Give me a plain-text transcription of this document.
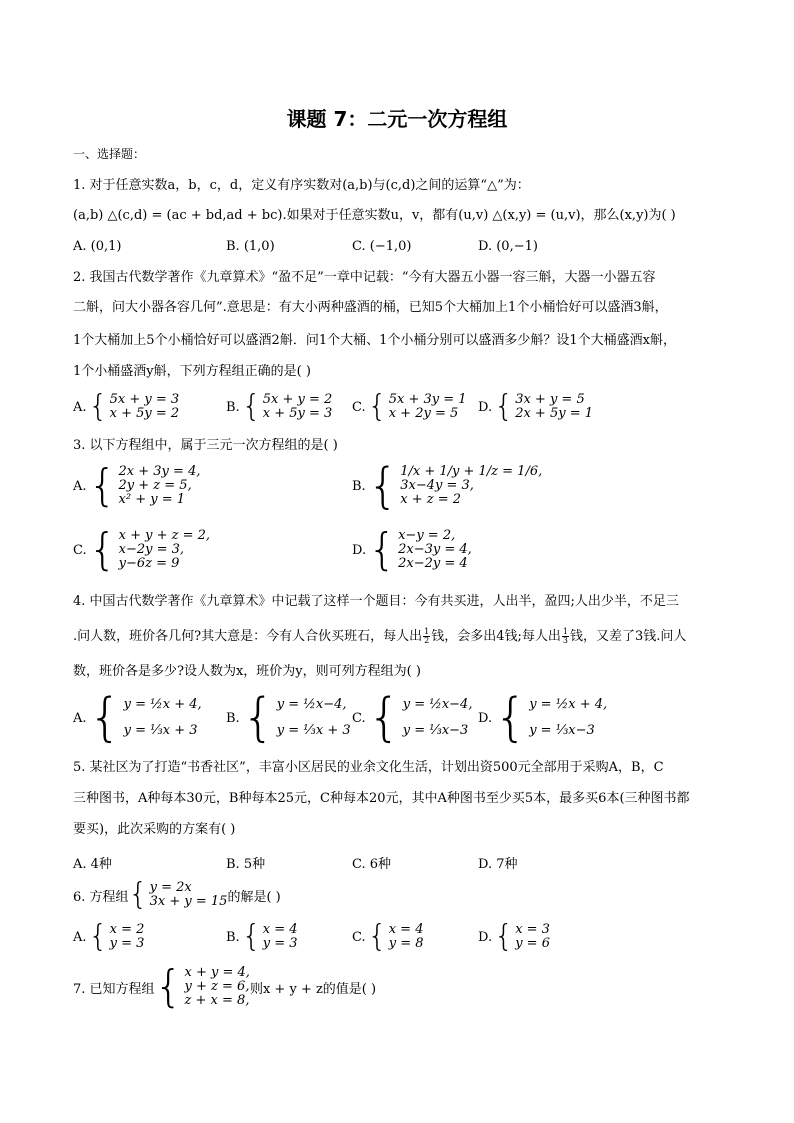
课题 7：二元一次方程组
一、选择题：
1. 对于任意实数a，b，c，d，定义有序实数对(a,b)与(c,d)之间的运算“△”为：
(a,b) △(c,d) = (ac + bd,ad + bc).如果对于任意实数u，v，都有(u,v) △(x,y) = (u,v)，那么(x,y)为( )
A. (0,1)	B. (1,0)	C. (−1,0)	D. (0,−1)
2. 我国古代数学著作《九章算术》“盈不足”一章中记载：“今有大器五小器一容三斛，大器一小器五容
二斛，问大小器各容几何”.意思是：有大小两种盛酒的桶，已知5个大桶加上1个小桶恰好可以盛酒3斛，
1个大桶加上5个小桶恰好可以盛酒2斛．问1个大桶、1个小桶分别可以盛酒多少斛？设1个大桶盛酒x斛，
1个小桶盛酒y斛，下列方程组正确的是( )
A. { 5x + y = 3
x + 5y = 2	B. { 5x + y = 2
x + 5y = 3 C. { 5x + 3y = 1
x + 2y = 5	D. { 3x + y = 5
2x + 5y = 1
3. 以下方程组中，属于三元一次方程组的是( )
A. { 2x + 3y = 4,
2y + z = 5,
x² + y = 1
B. { 1/x + 1/y + 1/z = 1/6,
3x−4y = 3,
x + z = 2
C. { x + y + z = 2,
x−2y = 3,
y−6z = 9
D. { x−y = 2,
2x−3y = 4,
2x−2y = 4
4. 中国古代数学著作《九章算术》中记载了这样一个题目：今有共买进，人出半，盈四;人出少半，不足三
.问人数，班价各几何?其大意是：今有人合伙买班石，每人出 $\frac{1}{2}$ 钱，会多出4钱;每人出 $\frac{1}{3}$ 钱，又差了3钱.问人
数，班价各是多少?设人数为x，班价为y，则可列方程组为( )
A. { y = ½x + 4,
y = ⅓x + 3
B. { y = ½x−4,
y = ⅓x + 3
C. { y = ½x−4,
y = ⅓x−3
D. { y = ½x + 4,
y = ⅓x−3
5. 某社区为了打造“书香社区”，丰富小区居民的业余文化生活，计划出资500元全部用于采购A，B，C
三种图书，A种每本30元，B种每本25元，C种每本20元，其中A种图书至少买5本，最多买6本(三种图书都
要买)，此次采购的方案有( )
A. 4种	B. 5种	C. 6种	D. 7种
6. 方程组 { y = 2x
3x + y = 15 的解是( )
A. { x = 2
y = 3	B. { x = 4
y = 3	C. { x = 4
y = 8	D. { x = 3
y = 6
7. 已知方程组 { x + y = 4,
y + z = 6,
z + x = 8,
则x + y + z的值是( )
